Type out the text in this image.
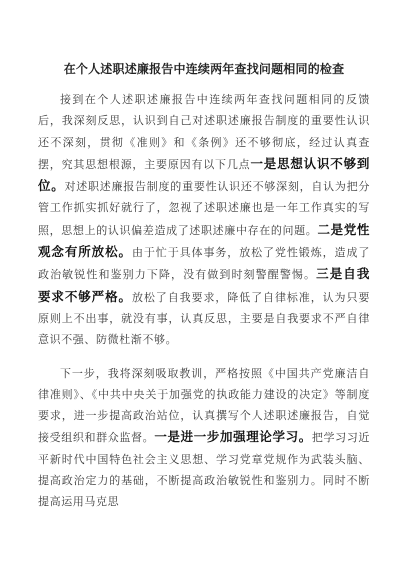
在个人述职述廉报告中连续两年查找问题相同的检查

接到在个人述职述廉报告中连续两年查找问题相同的反馈后，我深刻反思，认识到自己对述职述廉报告制度的重要性认识还不深刻，贯彻《准则》和《条例》还不够彻底，经过认真查摆，究其思想根源，主要原因有以下几点一是思想认识不够到位。对述职述廉报告制度的重要性认识还不够深刻，自认为把分管工作抓实抓好就行了，忽视了述职述廉也是一年工作真实的写照，思想上的认识偏差造成了述职述廉中存在的问题。二是党性观念有所放松。由于忙于具体事务，放松了党性锻炼，造成了政治敏锐性和鉴别力下降，没有做到时刻警醒警惕。三是自我要求不够严格。放松了自我要求，降低了自律标准，认为只要原则上不出事，就没有事，认真反思，主要是自我要求不严自律意识不强、防微杜渐不够。

下一步，我将深刻吸取教训，严格按照《中国共产党廉洁自律准则》、《中共中央关于加强党的执政能力建设的决定》等制度要求，进一步提高政治站位，认真撰写个人述职述廉报告，自觉接受组织和群众监督。一是进一步加强理论学习。把学习习近平新时代中国特色社会主义思想、学习党章党规作为武装头脑、提高政治定力的基础，不断提高政治敏锐性和鉴别力。同时不断提高运用马克思
